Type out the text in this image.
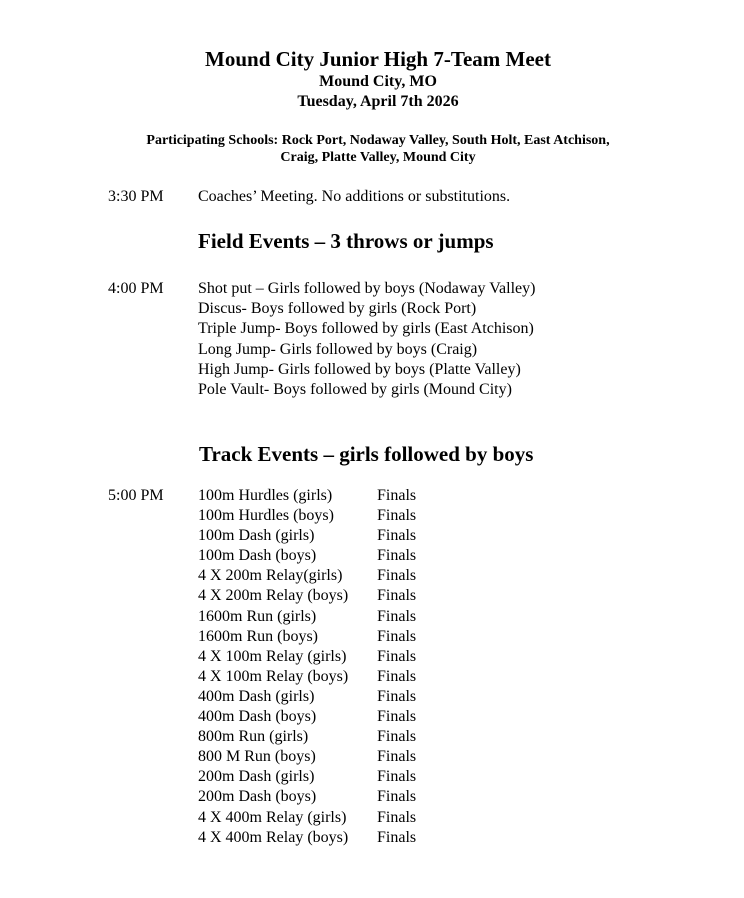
Mound City Junior High 7-Team Meet
Mound City, MO
Tuesday, April 7th 2026
Participating Schools: Rock Port, Nodaway Valley, South Holt, East Atchison,
Craig, Platte Valley, Mound City
3:30 PM Coaches’ Meeting. No additions or substitutions.
Field Events – 3 throws or jumps
4:00 PM Shot put – Girls followed by boys (Nodaway Valley)
Discus- Boys followed by girls (Rock Port)
Triple Jump- Boys followed by girls (East Atchison)
Long Jump- Girls followed by boys (Craig)
High Jump- Girls followed by boys (Platte Valley)
Pole Vault- Boys followed by girls (Mound City)
Track Events – girls followed by boys
5:00 PM 100m Hurdles (girls)	Finals
100m Hurdles (boys)	Finals
100m Dash (girls)	Finals
100m Dash (boys)	Finals
4 X 200m Relay(girls)	Finals
4 X 200m Relay (boys)	Finals
1600m Run (girls)	Finals
1600m Run (boys)	Finals
4 X 100m Relay (girls)	Finals
4 X 100m Relay (boys)	Finals
400m Dash (girls)	Finals
400m Dash (boys)	Finals
800m Run (girls)	Finals
800 M Run (boys)	Finals
200m Dash (girls)	Finals
200m Dash (boys)	Finals
4 X 400m Relay (girls)	Finals
4 X 400m Relay (boys)	Finals
